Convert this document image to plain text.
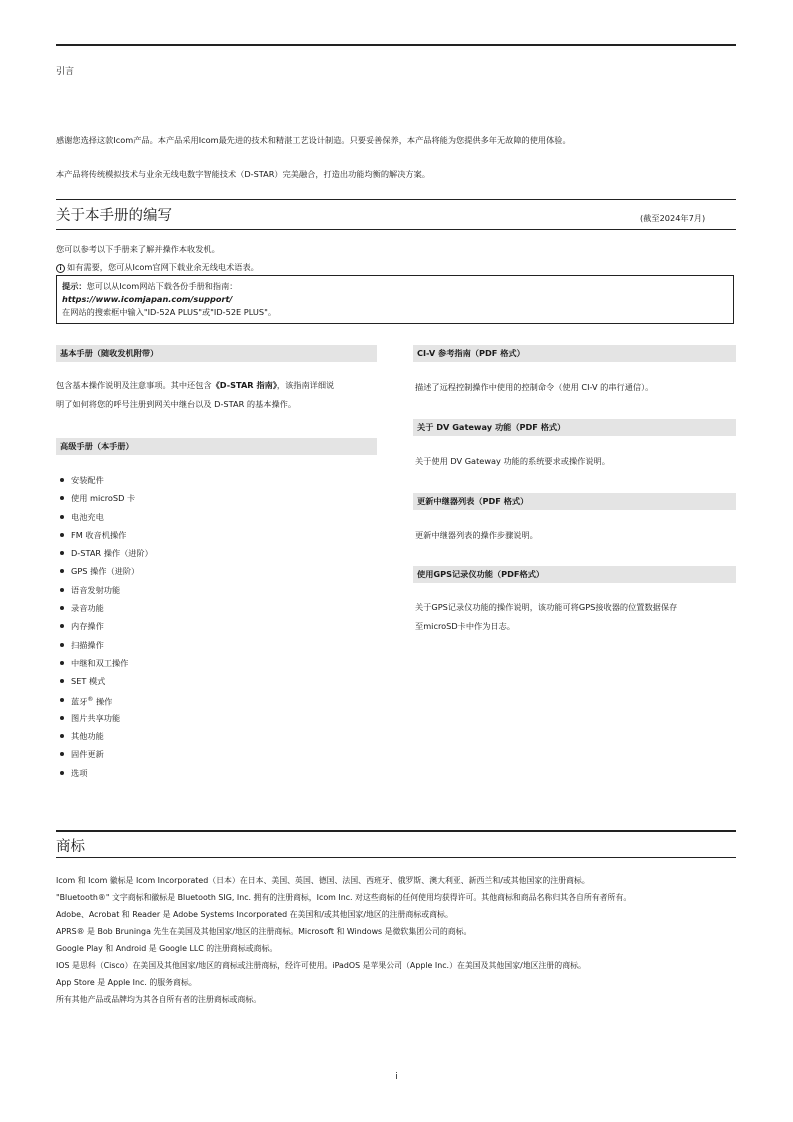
引言
感谢您选择这款Icom产品。本产品采用Icom最先进的技术和精湛工艺设计制造。只要妥善保养，本产品将能为您提供多年无故障的使用体验。
本产品将传统模拟技术与业余无线电数字智能技术（D-STAR）完美融合，打造出功能均衡的解决方案。
关于本手册的编写	(截至2024年7月)
您可以参考以下手册来了解并操作本收发机。
i 如有需要，您可从Icom官网下载业余无线电术语表。
提示：您可以从Icom网站下载各份手册和指南：
https://www.icomjapan.com/support/
在网站的搜索框中输入"ID-52A PLUS"或"ID-52E PLUS"。
基本手册（随收发机附带）
包含基本操作说明及注意事项。其中还包含《D-STAR 指南》，该指南详细说
明了如何将您的呼号注册到网关中继台以及 D-STAR 的基本操作。
高级手册（本手册）
安装配件
使用 microSD 卡
电池充电
FM 收音机操作
D-STAR 操作（进阶）
GPS 操作（进阶）
语音发射功能
录音功能
内存操作
扫描操作
中继和双工操作
SET 模式
蓝牙® 操作
图片共享功能
其他功能
固件更新
选项
CI-V 参考指南（PDF 格式）
描述了远程控制操作中使用的控制命令（使用 CI-V 的串行通信）。
关于 DV Gateway 功能（PDF 格式）
关于使用 DV Gateway 功能的系统要求或操作说明。
更新中继器列表（PDF 格式）
更新中继器列表的操作步骤说明。
使用GPS记录仪功能（PDF格式）
关于GPS记录仪功能的操作说明，该功能可将GPS接收器的位置数据保存
至microSD卡中作为日志。
商标

Icom 和 Icom 徽标是 Icom Incorporated（日本）在日本、美国、英国、德国、法国、西班牙、俄罗斯、澳大利亚、新西兰和/或其他国家的注册商标。

"Bluetooth®" 文字商标和徽标是 Bluetooth SIG, Inc. 拥有的注册商标，Icom Inc. 对这些商标的任何使用均获得许可。其他商标和商品名称归其各自所有者所有。

Adobe、Acrobat 和 Reader 是 Adobe Systems Incorporated 在美国和/或其他国家/地区的注册商标或商标。

APRS® 是 Bob Bruninga 先生在美国及其他国家/地区的注册商标。Microsoft 和 Windows 是微软集团公司的商标。

Google Play 和 Android 是 Google LLC 的注册商标或商标。

IOS 是思科（Cisco）在美国及其他国家/地区的商标或注册商标，经许可使用。iPadOS 是苹果公司（Apple Inc.）在美国及其他国家/地区注册的商标。

App Store 是 Apple Inc. 的服务商标。

所有其他产品或品牌均为其各自所有者的注册商标或商标。

i
